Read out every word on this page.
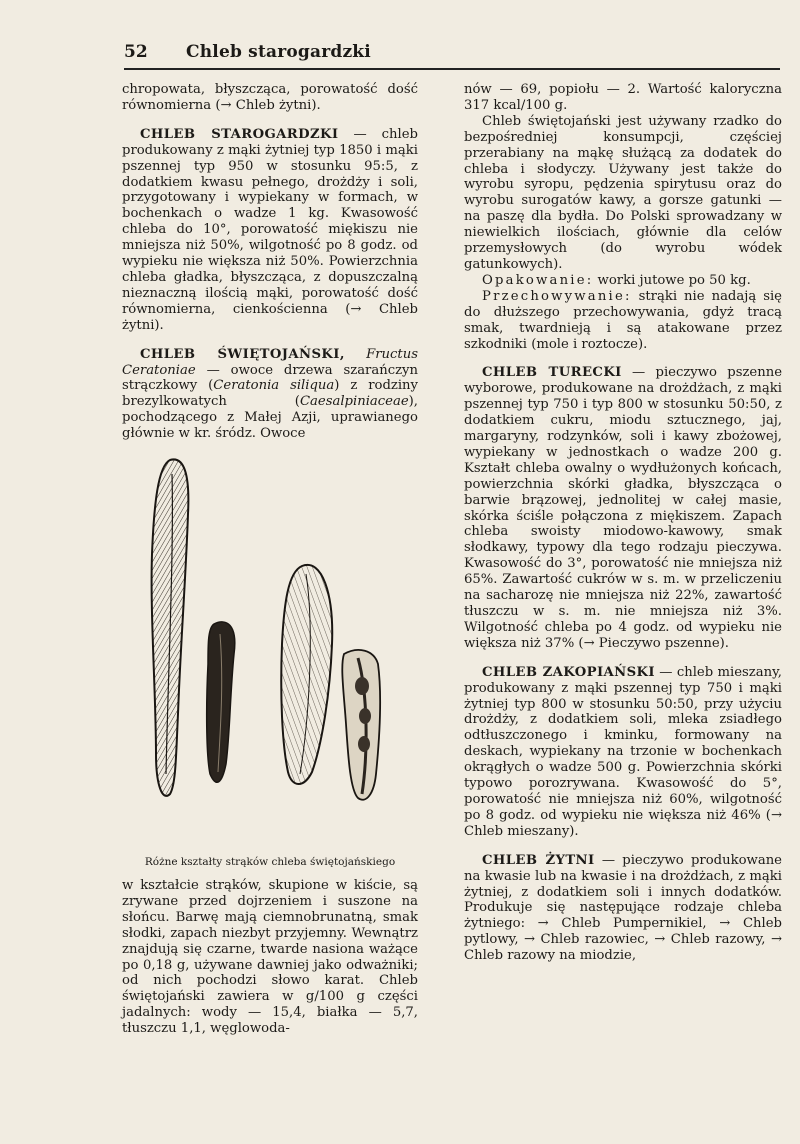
52 Chleb starogardzki

chropowata, błyszcząca, porowatość dość równomierna (→ Chleb żytni).

CHLEB STAROGARDZKI — chleb produkowany z mąki żytniej typ 1850 i mąki pszennej typ 950 w stosunku 95:5, z dodatkiem kwasu pełnego, drożdży i soli, przygotowany i wypiekany w formach, w bochenkach o wadze 1 kg. Kwasowość chleba do 10°, porowatość miękiszu nie mniejsza niż 50%, wilgotność po 8 godz. od wypieku nie większa niż 50%. Powierzchnia chleba gładka, błyszcząca, z dopuszczalną nieznaczną ilością mąki, porowatość dość równomierna, cienkościenna (→ Chleb żytni).

CHLEB ŚWIĘTOJAŃSKI, Fructus Ceratoniae — owoce drzewa szarańczyn strączkowy (Ceratonia siliqua) z rodziny brezylkowatych (Caesalpiniaceae), pochodzącego z Małej Azji, uprawianego głównie w kr. śródz. Owoce

Różne kształty strąków chleba świętojańskiego

w kształcie strąków, skupione w kiście, są zrywane przed dojrzeniem i suszone na słońcu. Barwę mają ciemnobrunatną, smak słodki, zapach niezbyt przyjemny. Wewnątrz znajdują się czarne, twarde nasiona ważące po 0,18 g, używane dawniej jako odważniki; od nich pochodzi słowo karat. Chleb świętojański zawiera w g/100 g części jadalnych: wody — 15,4, białka — 5,7, tłuszczu 1,1, węglowoda-

nów — 69, popiołu — 2. Wartość kaloryczna 317 kcal/100 g.

Chleb świętojański jest używany rzadko do bezpośredniej konsumpcji, częściej przerabiany na mąkę służącą za dodatek do chleba i słodyczy. Używany jest także do wyrobu syropu, pędzenia spirytusu oraz do wyrobu surogatów kawy, a gorsze gatunki — na paszę dla bydła. Do Polski sprowadzany w niewielkich ilościach, głównie dla celów przemysłowych (do wyrobu wódek gatunkowych).

Opakowanie: worki jutowe po 50 kg.

Przechowywanie: strąki nie nadają się do dłuższego przechowywania, gdyż tracą smak, twardnieją i są atakowane przez szkodniki (mole i roztocze).

CHLEB TURECKI — pieczywo pszenne wyborowe, produkowane na drożdżach, z mąki pszennej typ 750 i typ 800 w stosunku 50:50, z dodatkiem cukru, miodu sztucznego, jaj, margaryny, rodzynków, soli i kawy zbożowej, wypiekany w jednostkach o wadze 200 g. Kształt chleba owalny o wydłużonych końcach, powierzchnia skórki gładka, błyszcząca o barwie brązowej, jednolitej w całej masie, skórka ściśle połączona z miękiszem. Zapach chleba swoisty miodowo-kawowy, smak słodkawy, typowy dla tego rodzaju pieczywa. Kwasowość do 3°, porowatość nie mniejsza niż 65%. Zawartość cukrów w s. m. w przeliczeniu na sacharozę nie mniejsza niż 22%, zawartość tłuszczu w s. m. nie mniejsza niż 3%. Wilgotność chleba po 4 godz. od wypieku nie większa niż 37% (→ Pieczywo pszenne).

CHLEB ZAKOPIAŃSKI — chleb mieszany, produkowany z mąki pszennej typ 750 i mąki żytniej typ 800 w stosunku 50:50, przy użyciu drożdży, z dodatkiem soli, mleka zsiadłego odtłuszczonego i kminku, formowany na deskach, wypiekany na trzonie w bochenkach okrągłych o wadze 500 g. Powierzchnia skórki typowo porozrywana. Kwasowość do 5°, porowatość nie mniejsza niż 60%, wilgotność po 8 godz. od wypieku nie większa niż 46% (→ Chleb mieszany).

CHLEB ŻYTNI — pieczywo produkowane na kwasie lub na kwasie i na drożdżach, z mąki żytniej, z dodatkiem soli i innych dodatków. Produkuje się następujące rodzaje chleba żytniego: → Chleb Pumpernikiel, → Chleb pytlowy, → Chleb razowiec, → Chleb razowy, → Chleb razowy na miodzie,
